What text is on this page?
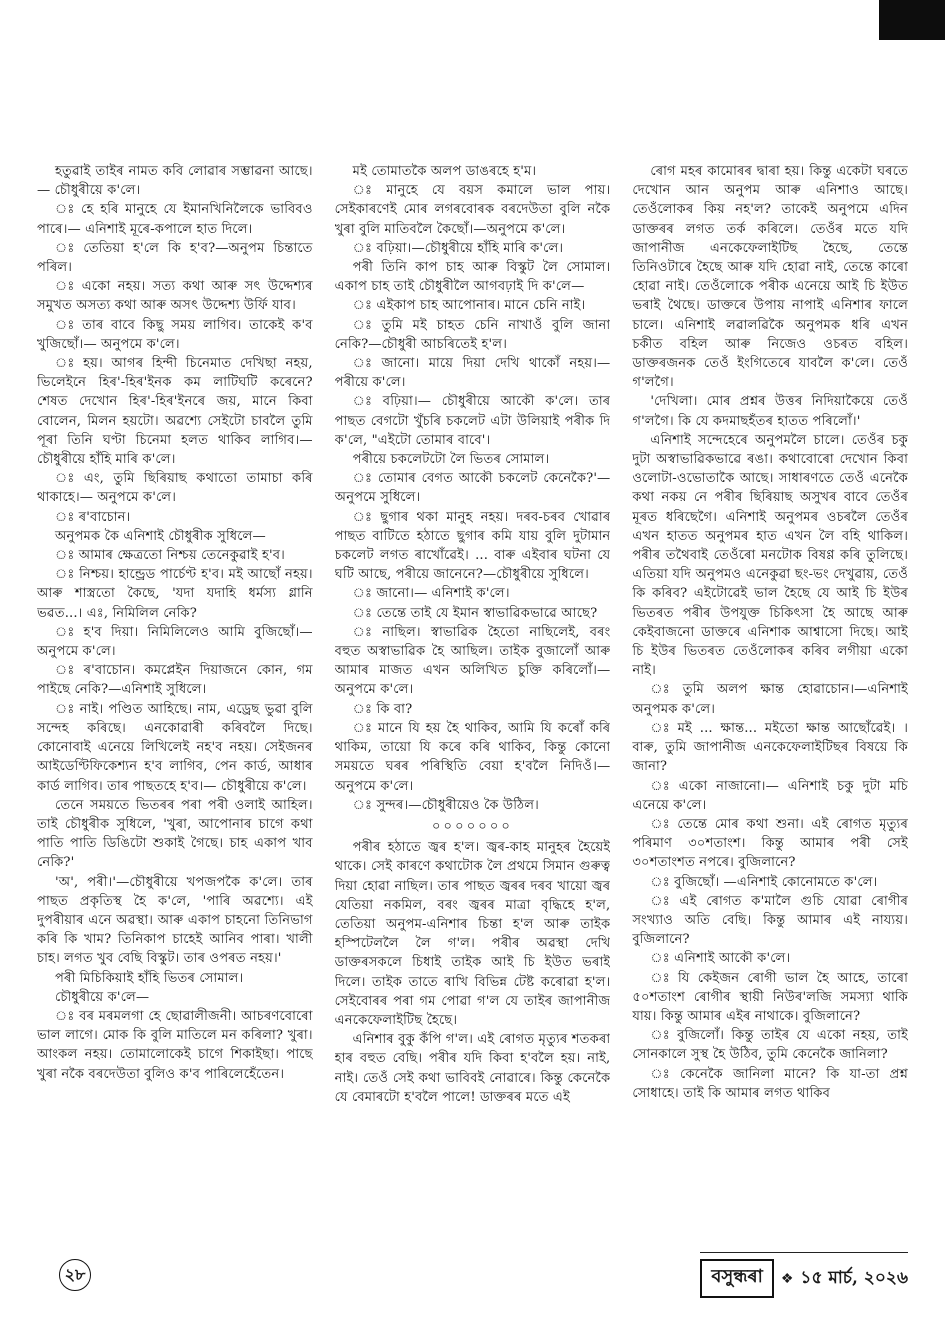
হতুৱাই তাইৰ নামত কবি লোৱাৰ সম্ভাৱনা আছে।— চৌধুৰীয়ে ক'লে।

ঃ হে হৰি মানুহে যে ইমানখিনিলৈকে ভাবিবও পাৰে।— এনিশাই মূৰে-কপালে হাত দিলে।

ঃ তেতিয়া হ'লে কি হ'ব?—অনুপম চিন্তাতে পৰিল।

ঃ একো নহয়। সত্য কথা আৰু সৎ উদ্দেশ্যৰ সমুখত অসত্য কথা আৰু অসৎ উদ্দেশ্য উৰ্ফি যাব।

ঃ তাৰ বাবে কিছু সময় লাগিব। তাকেই ক'ব খুজিছোঁ।— অনুপমে ক'লে।

ঃ হয়। আগৰ হিন্দী চিনেমাত দেখিছা নহয়, ভিলেইনে হিৰ'-হিৰ'ইনক কম লাটিঘটি কৰেনে? শেষত দেখোন হিৰ'-হিৰ'ইনৰে জয়, মানে কিবা বোলেন, মিলন হয়টো। অৱশ্যে সেইটো চাবলৈ তুমি পূৰা তিনি ঘণ্টা চিনেমা হলত থাকিব লাগিব।— চৌধুৰীয়ে হাঁহি মাৰি ক'লে।

ঃ এং, তুমি ছিৰিয়াছ কথাতো তামাচা কৰি থাকাহে।— অনুপমে ক'লে।

ঃ ৰ'বাচোন।

অনুপমক কৈ এনিশাই চৌধুৰীক সুধিলে—

ঃ আমাৰ ক্ষেত্ৰতো নিশ্চয় তেনেকুৱাই হ'ব।

ঃ নিশ্চয়। হান্ড্ৰেড পাৰ্চেণ্ট হ'ব। মই আছোঁ নহয়। আৰু শাস্ত্ৰতো কৈছে, 'যদা যদাহি ধৰ্মস্য গ্লানি ভৱত...। এঃ, নিমিলিল নেকি?

ঃ হ'ব দিয়া। নিমিলিলেও আমি বুজিছোঁ।— অনুপমে ক'লে।

ঃ ৰ'বাচোন। কমপ্লেইন দিয়াজনে কোন, গম পাইছে নেকি?—এনিশাই সুধিলে।

ঃ নাই। পণ্ডিত আহিছে। নাম, এড্ৰেছ ভুৱা বুলি সন্দেহ কৰিছে। এনকোৱাৰী কৰিবলৈ দিছে। কোনোবাই এনেয়ে লিখিলেই নহ'ব নহয়। সেইজনৰ আইডেণ্টিফিকেশ্যন হ'ব লাগিব, পেন কাৰ্ড, আধাৰ কাৰ্ড লাগিব। তাৰ পাছতহে হ'ব।— চৌধুৰীয়ে ক'লে।

তেনে সময়তে ভিতৰৰ পৰা পৰী ওলাই আহিল। তাই চৌধুৰীক সুধিলে, 'খুৰা, আপোনাৰ চাগে কথা পাতি পাতি ডিঙিটো শুকাই গৈছে। চাহ একাপ খাব নেকি?'

'অ', পৰী।'—চৌধুৰীয়ে খপজপকৈ ক'লে। তাৰ পাছত প্ৰকৃতিস্থ হৈ ক'লে, 'পাৰি অৱশ্যে। এই দুপৰীয়াৰ এনে অৱস্থা। আৰু একাপ চাহনো তিনিভাগ কৰি কি খাম? তিনিকাপ চাহেই আনিব পাৰা। খালী চাহ। লগত খুব বেছি বিস্কুট। তাৰ ওপৰত নহয়।'

পৰী মিচিকিয়াই হাঁহি ভিতৰ সোমাল।

চৌধুৰীয়ে ক'লে—

ঃ বৰ মৰমলগা হে ছোৱালীজনী। আচৰণবোৰো ভাল লাগে। মোক কি বুলি মাতিলে মন কৰিলা? খুৰা। আংকল নহয়। তোমালোকেই চাগে শিকাইছা। পাছে খুৰা নকৈ বৰদেউতা বুলিও ক'ব পাৰিলেহেঁতেন।

মই তোমাতকৈ অলপ ডাঙৰহে হ'ম।

ঃ মানুহে যে বয়স কমালে ভাল পায়। সেইকাৰণেই মোৰ লগৰবোৰক বৰদেউতা বুলি নকৈ খুৰা বুলি মাতিবলৈ কৈছোঁ।—অনুপমে ক'লে।

ঃ বঢ়িয়া।—চৌধুৰীয়ে হাঁহি মাৰি ক'লে।

পৰী তিনি কাপ চাহ আৰু বিস্কুট লৈ সোমাল। একাপ চাহ তাই চৌধুৰীলৈ আগবঢ়াই দি ক'লে—

ঃ এইকাপ চাহ আপোনাৰ। মানে চেনি নাই।

ঃ তুমি মই চাহত চেনি নাখাওঁ বুলি জানা নেকি?—চৌধুৰী আচৰিতেই হ'ল।

ঃ জানো। মায়ে দিয়া দেখি থাকোঁ নহয়।—পৰীয়ে ক'লে।

ঃ বঢ়িয়া।— চৌধুৰীয়ে আকৌ ক'লে। তাৰ পাছত বেগটো খুঁচৰি চকলেট এটা উলিয়াই পৰীক দি ক'লে, "এইটো তোমাৰ বাবে'।

পৰীয়ে চকলেটটো লৈ ভিতৰ সোমাল।

ঃ তোমাৰ বেগত আকৌ চকলেট কেনেকৈ?'—অনুপমে সুধিলে।

ঃ ছুগাৰ থকা মানুহ নহয়। দৰব-চৰব খোৱাৰ পাছত বাটিতে হঠাতে ছুগাৰ কমি যায় বুলি দুটামান চকলেট লগত ৰাখোঁৱেই। ... বাৰু এইবাৰ ঘটনা যে ঘটি আছে, পৰীয়ে জানেনে?—চৌধুৰীয়ে সুধিলে।

ঃ জানো।— এনিশাই ক'লে।

ঃ তেন্তে তাই যে ইমান স্বাভাৱিকভাৱে আছে?

ঃ নাছিল। স্বাভাৱিক হৈতো নাছিলেই, বৰং বহুত অস্বাভাৱিক হৈ আছিল। তাইক বুজালোঁ আৰু আমাৰ মাজত এখন অলিখিত চুক্তি কৰিলোঁ।—অনুপমে ক'লে।

ঃ কি বা?

ঃ মানে যি হয় হৈ থাকিব, আমি যি কৰোঁ কৰি থাকিম, তায়ো যি কৰে কৰি থাকিব, কিন্তু কোনো সময়তে ঘৰৰ পৰিস্থিতি বেয়া হ'বলৈ নিদিওঁ।—অনুপমে ক'লে।

ঃ সুন্দৰ।—চৌধুৰীয়েও কৈ উঠিল।

০০০০০০০

পৰীৰ হঠাতে জ্বৰ হ'ল। জ্বৰ-কাহ মানুহৰ হৈয়েই থাকে। সেই কাৰণে কথাটোক লৈ প্ৰথমে সিমান গুৰুত্ব দিয়া হোৱা নাছিল। তাৰ পাছত জ্বৰৰ দৰব খায়ো জ্বৰ যেতিয়া নকমিল, বৰং জ্বৰৰ মাত্ৰা বৃদ্ধিহে হ'ল, তেতিয়া অনুপম-এনিশাৰ চিন্তা হ'ল আৰু তাইক হস্পিটেললৈ লৈ গ'ল। পৰীৰ অৱস্থা দেখি ডাক্তৰসকলে চিধাই তাইক আই চি ইউত ভৰাই দিলে। তাইক তাতে ৰাখি বিভিন্ন টেষ্ট কৰোৱা হ'ল। সেইবোৰৰ পৰা গম পোৱা গ'ল যে তাইৰ জাপানীজ এনকেফেলাইটিছ হৈছে।

এনিশাৰ বুকু কঁপি গ'ল। এই ৰোগত মৃত্যুৰ শতকৰা হাৰ বহুত বেছি। পৰীৰ যদি কিবা হ'বলৈ হয়। নাই, নাই। তেওঁ সেই কথা ভাবিবই নোৱাৰে। কিন্তু কেনেকৈ যে বেমাৰটো হ'বলৈ পালে! ডাক্তৰৰ মতে এই

ৰোগ মহৰ কামোৰৰ দ্বাৰা হয়। কিন্তু একেটা ঘৰতে দেখোন আন অনুপম আৰু এনিশাও আছে। তেওঁলোকৰ কিয় নহ'ল? তাকেই অনুপমে এদিন ডাক্তৰৰ লগত তৰ্ক কৰিলে। তেওঁৰ মতে যদি জাপানীজ এনকেফেলাইটিছ হৈছে, তেন্তে তিনিওটাৰে হৈছে আৰু যদি হোৱা নাই, তেন্তে কাৰো হোৱা নাই। তেওঁলোকে পৰীক এনেয়ে আই চি ইউত ভৰাই থৈছে। ডাক্তৰে উপায় নাপাই এনিশাৰ ফালে চালে। এনিশাই লৱালৱিকৈ অনুপমক ধৰি এখন চকীত বহিল আৰু নিজেও ওচৰত বহিল। ডাক্তৰজনক তেওঁ ইংগিতেৰে যাবলৈ ক'লে। তেওঁ গ'লগৈ।

'দেখিলা। মোৰ প্ৰশ্নৰ উত্তৰ নিদিয়াকৈয়ে তেওঁ গ'লগৈ। কি যে কদমাছহঁতৰ হাতত পৰিলোঁ।'

এনিশাই সন্দেহেৰে অনুপমলৈ চালে। তেওঁৰ চকু দুটা অস্বাভাৱিকভাৱে ৰঙা। কথাবোৰো দেখোন কিবা ওলোটা-ওভোতাকৈ আছে। সাধাৰণতে তেওঁ এনেকৈ কথা নকয় নে পৰীৰ ছিৰিয়াছ অসুখৰ বাবে তেওঁৰ মূৰত ধৰিছেগৈ। এনিশাই অনুপমৰ ওচৰলৈ তেওঁৰ এখন হাতত অনুপমৰ হাত এখন লৈ বহি থাকিল। পৰীৰ তথৈবাই তেওঁৰো মনটোক বিষণ্ণ কৰি তুলিছে। এতিয়া যদি অনুপমও এনেকুৱা ছং-ভং দেখুৱায়, তেওঁ কি কৰিব? এইটোৱেই ভাল হৈছে যে আই চি ইউৰ ভিতৰত পৰীৰ উপযুক্ত চিকিৎসা হৈ আছে আৰু কেইবাজনো ডাক্তৰে এনিশাক আশ্বাসো দিছে। আই চি ইউৰ ভিতৰত তেওঁলোকৰ কৰিব লগীয়া একো নাই।

ঃ তুমি অলপ ক্ষান্ত হোৱাচোন।—এনিশাই অনুপমক ক'লে।

ঃ মই ... ক্ষান্ত... মইতো ক্ষান্ত আছোঁৱেই। । বাৰু, তুমি জাপানীজ এনকেফেলাইটিছৰ বিষয়ে কি জানা?

ঃ একো নাজানো।— এনিশাই চকু দুটা মচি এনেয়ে ক'লে।

ঃ তেন্তে মোৰ কথা শুনা। এই ৰোগত মৃত্যুৰ পৰিমাণ ৩০শতাংশ। কিন্তু আমাৰ পৰী সেই ৩০শতাংশত নপৰে। বুজিলানে?

ঃ বুজিছোঁ। —এনিশাই কোনোমতে ক'লে।

ঃ এই ৰোগত ক'মালৈ গুচি যোৱা ৰোগীৰ সংখ্যাও অতি বেছি। কিন্তু আমাৰ এই নায্যয়। বুজিলানে?

ঃ এনিশাই আকৌ ক'লে।

ঃ যি কেইজন ৰোগী ভাল হৈ আহে, তাৰো ৫০শতাংশ ৰোগীৰ স্থায়ী নিউৰ'লজি সমস্যা থাকি যায়। কিন্তু আমাৰ এইৰ নাথাকে। বুজিলানে?

ঃ বুজিলোঁ। কিন্তু তাইৰ যে একো নহয়, তাই সোনকালে সুস্থ হৈ উঠিব, তুমি কেনেকৈ জানিলা?

ঃ কেনেকৈ জানিলা মানে? কি যা-তা প্ৰশ্ন সোধাহে। তাই কি আমাৰ লগত থাকিব

২৮	বসুন্ধৰা	❖ ১৫ মার্চ, ২০২৬
